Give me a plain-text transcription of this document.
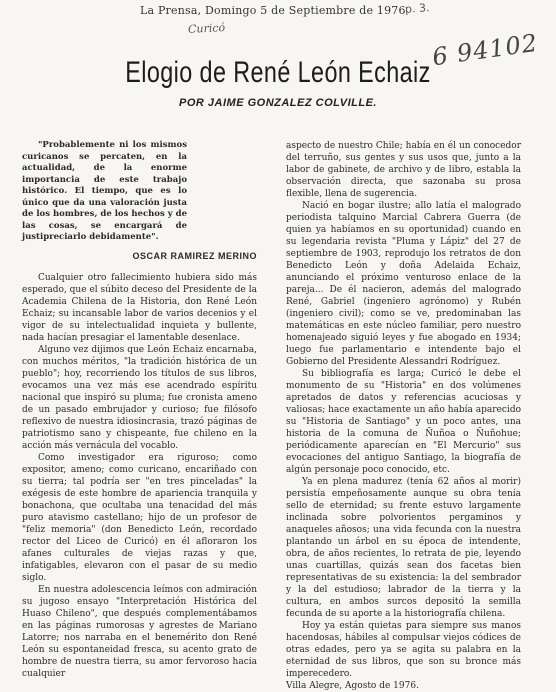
La Prensa, Domingo 5 de Septiembre de 1976
p. 3.
Curicó
6 94102
Elogio de René León Echaiz
POR JAIME GONZALEZ COLVILLE.

"Probablemente ni los mismos curicanos se percaten, en la actualidad, de la enorme importancia de este trabajo histórico. El tiempo, que es lo único que da una valoración justa de los hombres, de los hechos y de las cosas, se encargará de justipreciarlo debidamente".

OSCAR RAMIREZ MERINO

Cualquier otro fallecimiento hubiera sido más esperado, que el súbito deceso del Presidente de la Academia Chilena de la Historia, don René León Echaiz; su incansable labor de varios decenios y el vigor de su intelectualidad inquieta y bullente, nada hacían presagiar el lamentable desenlace.

Alguno vez dijimos que León Echaiz encarnaba, con muchos méritos, "la tradición histórica de un pueblo"; hoy, recorriendo los títulos de sus libros, evocamos una vez más ese acendrado espíritu nacional que inspiró su pluma; fue cronista ameno de un pasado embrujador y curioso; fue filósofo reflexivo de nuestra idiosincrasia, trazó páginas de patriotismo sano y chispeante, fue chileno en la acción más vernácula del vocablo.

Como investigador era riguroso; como expositor, ameno; como curicano, encariñado con su tierra; tal podría ser "en tres pinceladas" la exégesis de este hombre de apariencia tranquila y bonachona, que ocultaba una tenacidad del más puro atavismo castellano; hijo de un profesor de "feliz memoria" (don Benedicto León, recordado rector del Liceo de Curicó) en él afloraron los afanes culturales de viejas razas y que, infatigables, elevaron con el pasar de su medio siglo.

En nuestra adolescencia leímos con admiración su jugoso ensayo "Interpretación Histórica del Huaso Chileno", que después complementábamos en las páginas rumorosas y agrestes de Mariano Latorre; nos narraba en el benemérito don René León su espontaneidad fresca, su acento grato de hombre de nuestra tierra, su amor fervoroso hacia cualquier

aspecto de nuestro Chile; había en él un conocedor del terruño, sus gentes y sus usos que, junto a la labor de gabinete, de archivo y de libro, establa la observación directa, que sazonaba su prosa flexible, llena de sugerencia.

Nació en bogar ilustre; allo latía el malogrado periodista talquino Marcial Cabrera Guerra (de quien ya habíamos en su oportunidad) cuando en su legendaria revista "Pluma y Lápiz" del 27 de septiembre de 1903, reprodujo los retratos de don Benedicto León y doña Adelaida Echaiz, anunciando el próximo venturoso enlace de la pareja... De él nacieron, además del malogrado René, Gabriel (ingeniero agrónomo) y Rubén (ingeniero civil); como se ve, predominaban las matemáticas en este núcleo familiar, pero nuestro homenajeado siguió leyes y fue abogado en 1934; luego fue parlamentario e intendente bajo el Gobierno del Presidente Alessandri Rodríguez.

Su bibliografía es larga; Curicó le debe el monumento de su "Historia" en dos volúmenes apretados de datos y referencias acuciosas y valiosas; hace exactamente un año había aparecido su "Historia de Santiago" y un poco antes, una historia de la comuna de Ñuñoa o Ñuñohue; periódicamente aparecían en "El Mercurio" sus evocaciones del antiguo Santiago, la biografía de algún personaje poco conocido, etc.

Ya en plena madurez (tenía 62 años al morir) persistía empeñosamente aunque su obra tenía sello de eternidad; su frente estuvo largamente inclinada sobre polvorientos pergaminos y anaqueles añosos; una vida fecunda con la nuestra plantando un árbol en su época de intendente, obra, de años recientes, lo retrata de pie, leyendo unas cuartillas, quizás sean dos facetas bien representativas de su existencia: la del sembrador y la del estudioso; labrador de la tierra y la cultura, en ambos surcos depositó la semilla fecunda de su aporte a la historiografía chilena.

Hoy ya están quietas para siempre sus manos hacendosas, hábiles al compulsar viejos códices de otras edades, pero ya se agita su palabra en la eternidad de sus libros, que son su bronce más imperecedero.

Villa Alegre, Agosto de 1976.
